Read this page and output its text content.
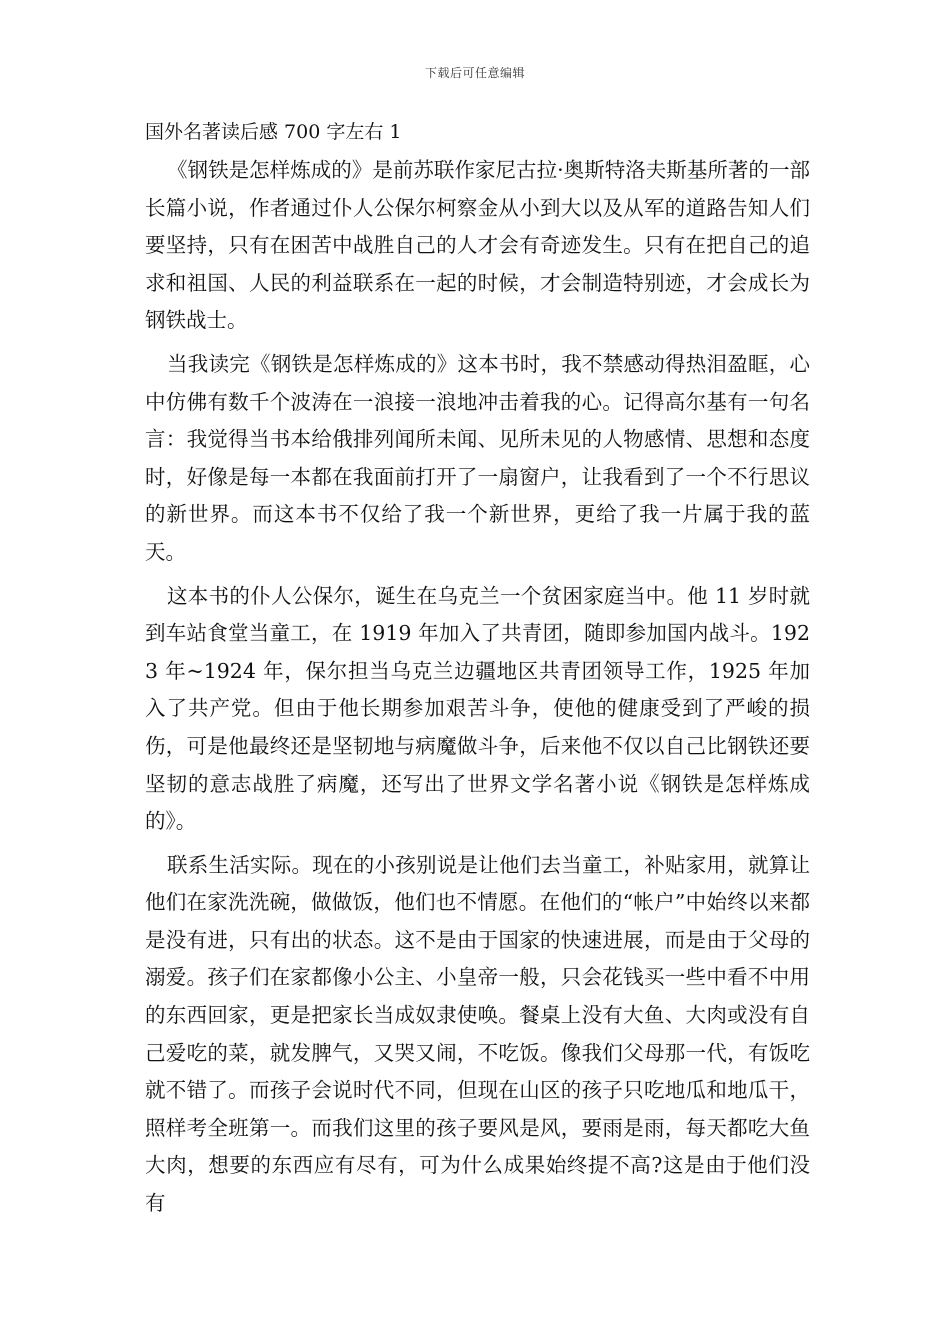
下载后可任意编辑
国外名著读后感 700 字左右 1

《钢铁是怎样炼成的》是前苏联作家尼古拉·奥斯特洛夫斯基所著的一部长篇小说，作者通过仆人公保尔柯察金从小到大以及从军的道路告知人们要坚持，只有在困苦中战胜自己的人才会有奇迹发生。只有在把自己的追求和祖国、人民的利益联系在一起的时候，才会制造特别迹，才会成长为钢铁战士。

当我读完《钢铁是怎样炼成的》这本书时，我不禁感动得热泪盈眶，心中仿佛有数千个波涛在一浪接一浪地冲击着我的心。记得高尔基有一句名言：我觉得当书本给俄排列闻所未闻、见所未见的人物感情、思想和态度时，好像是每一本都在我面前打开了一扇窗户，让我看到了一个不行思议的新世界。而这本书不仅给了我一个新世界，更给了我一片属于我的蓝天。

这本书的仆人公保尔，诞生在乌克兰一个贫困家庭当中。他 11 岁时就到车站食堂当童工，在 1919 年加入了共青团，随即参加国内战斗。1923 年~1924 年，保尔担当乌克兰边疆地区共青团领导工作，1925 年加入了共产党。但由于他长期参加艰苦斗争，使他的健康受到了严峻的损伤，可是他最终还是坚韧地与病魔做斗争，后来他不仅以自己比钢铁还要坚韧的意志战胜了病魔，还写出了世界文学名著小说《钢铁是怎样炼成的》。

联系生活实际。现在的小孩别说是让他们去当童工，补贴家用，就算让他们在家洗洗碗，做做饭，他们也不情愿。在他们的“帐户”中始终以来都是没有进，只有出的状态。这不是由于国家的快速进展，而是由于父母的溺爱。孩子们在家都像小公主、小皇帝一般，只会花钱买一些中看不中用的东西回家，更是把家长当成奴隶使唤。餐桌上没有大鱼、大肉或没有自己爱吃的菜，就发脾气，又哭又闹，不吃饭。像我们父母那一代，有饭吃就不错了。而孩子会说时代不同，但现在山区的孩子只吃地瓜和地瓜干，照样考全班第一。而我们这里的孩子要风是风，要雨是雨，每天都吃大鱼大肉，想要的东西应有尽有，可为什么成果始终提不高?这是由于他们没有
